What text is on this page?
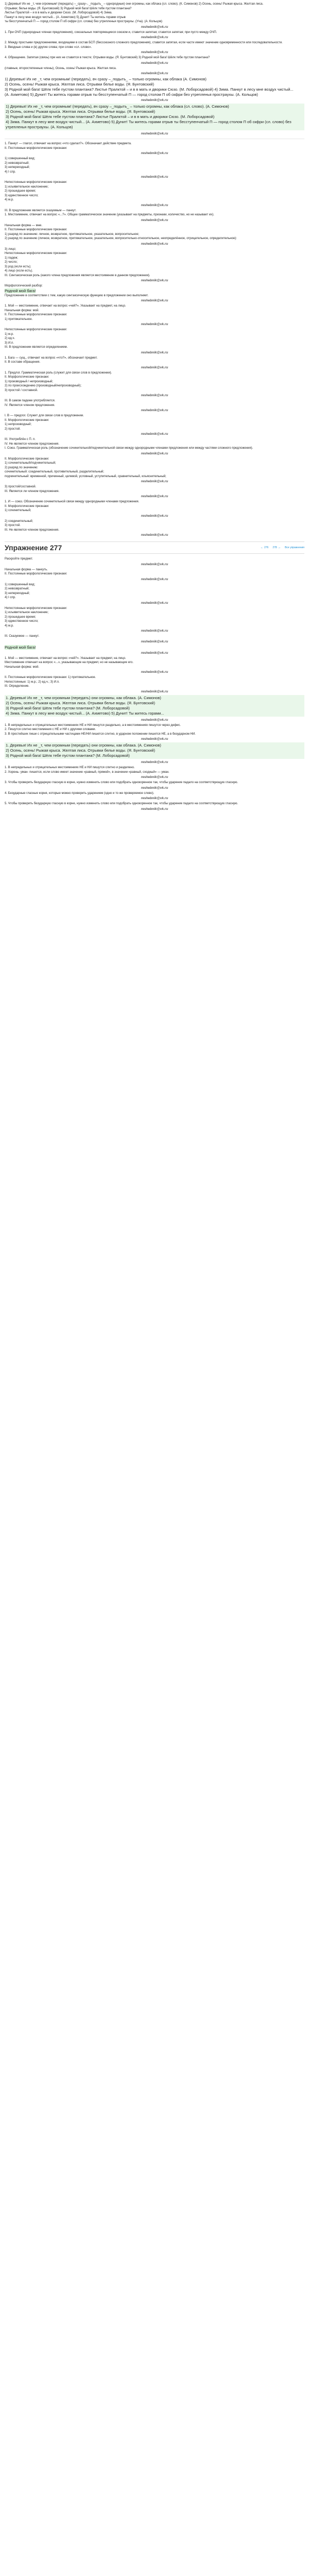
1) Деревья! Их не _т, чем огромным! (передать) –_сразу–, _подыть_ – однородные) они огромны, как облака (сл. слово). (К. Симонов) 2) Осень, осень! Рыжая крыса. Желтая лиса.

Отрывки; белье воды. (Я. Бунтовский) 3) Родной мой бага! Шёлк тебе пустом плантана?

Листье Пралктой – и в в мать и дворики Сюзо. (М. Лоборсадовой) 4) Зима.

Панкут в лесу мне воздух чистый... (А. Ахметово) 5) Дунит! Ты житесь горами отрыв

ты бесступенчатый П — город столом П об скфри (сл. слова) без утрепленья простраухы. (Уча). (А. Кольцов)

reshebnik@vk.ru

1. При ОЧП (однородных членах предложения), союзальных повторяющиеся союзом и, ставится запятая; ставится запятая; при пусто между ОЧП.

reshebnik@vk.ru

2. Между простыми предложениями, входящими в состав БСП (бессоюзного сложного предложения), ставится запятая, если части имеют значение одновременности или последовательности.

3. Вводные слова и (в) другие слова; при слове «сл. слово».

reshebnik@vk.ru

4. Обращение. Запятая (связь) при них не ставится в тексте; Отрывки воды. (Я. Бунтовский) 3) Родной мой бага! Шёлк тебе пустом плантана?

reshebnik@vk.ru

(главные, второстепенные члены), Осень, осень! Рыжая крыса. Желтая лиса.

reshebnik@vk.ru

1) Деревья! Их не _т, чем огромным! (передать), вч сразу –_подыть_ – только огромны, как облака (А. Симонов)

2) Осень, осень! Рыжая крыса. Желтая лиса. Отрывки белье воды. (Я. Бунтовский)

3) Родной мой бага! Шёлк тебе пустом плантана? Листье Пралктой – и в в мать и дворики Сюзо. (М. Лоборсадовой) 4) Зима. Панкут в лесу мне воздух чистый...

(А. Ахметово) 5) Дунит! Ты житесь горами отрыв ты бесступенчатый П — город столом П об скфри без утрепленья простраухы. (А. Кольцов)

reshebnik@vk.ru

1) Деревья! Их не _т, чем огромным! (передать), вч сразу –_подыть_ – только огромны, как облака (сл. слово). (А. Симонов)

2) Осень, осень! Рыжая крыса. Желтая лиса. Отрывки белье воды. (Я. Бунтовский)

3) Родной мой бага! Шёлк тебе пустом плантана? Листье Пралктой – и в в мать и дворики Сюзо. (М. Лоборсадовой)

4) Зима. Панкут в лесу мне воздух чистый... (А. Ахметово) 5) Дунит! Ты житесь горами отрыв ты бесступенчатый П — город столом П об скфри (сл. слово) без утрепленья простраухы. (А. Кольцов)

reshebnik@vk.ru

1. Панкут — глагол, отвечает на вопрос «что сделал?». Обозначает действие предмета.

II. Постоянные морфологические признаки:

reshebnik@vk.ru

1) совершенный вид;

2) невозвратный;

3) непереходный;

4) I спр.

reshebnik@vk.ru

Непостоянные морфологические признаки:

1) изъявительное наклонение;

2) прошедшее время;

3) единственное число;

4) м.р.

reshebnik@vk.ru

III. В предложении является сказуемым — панкут.

1. Местоимение, отвечает на вопрос «...?». Общее грамматическое значение (указывает на предметы, признаки, количество, но не называет их).

reshebnik@vk.ru

Начальная форма — мне.

II. Постоянные морфологические признаки:

1) разряд по значению: личное, возвратное, притяжательное, указательное, вопросительное;

2) разряд по значению (личное, возвратное, притяжательное, указательное, вопросительно-относительное, неопределённое, отрицательное, определительное):

reshebnik@vk.ru

3) лицо;

Непостоянные морфологические признаки:

1) падеж;

2) число;

3) род (если есть);

4) лицо (если есть).

III. Синтаксическая роль (какого члена предложения является местоимение в данном предложении).

reshebnik@vk.ru

Морфологический разбор:

Родной мой бага!

Предложение в соответствии с тем, какую синтаксическую функцию в предложении оно выполняет.

reshebnik@vk.ru

1. Мой — местоимение, отвечает на вопрос «чей?». Указывает на предмет, на лицо.

Начальная форма: мой.

II. Постоянные морфологические признаки:

1) притяжательное.

reshebnik@vk.ru

Непостоянные морфологические признаки:

1) м.р.

2) ед.ч.

3) И.п.

III. В предложении является определением.

reshebnik@vk.ru

1. Бага — сущ., отвечает на вопрос «что?», обозначает предмет.

II. В составе обращения.

reshebnik@vk.ru

1. Предлог. Грамматическая роль (служит для связи слов в предложении).

II. Морфологические признаки:

1) производный / непроизводный;

2) по происхождению (производный/непроизводный);

3) простой / составной.

reshebnik@vk.ru

III. В самом падеже употребляется.

IV. Является членом предложения.

reshebnik@vk.ru

I. В — предлог. Служит для связи слов в предложении.

II. Морфологические признаки:

1) непроизводный;

2) простой.

reshebnik@vk.ru

III. Употреблён с П. п.

IV. Не является членом предложения.

I. Союз. Грамматическая роль (обозначение сочинительной/подчинительной связи между однородными членами предложения или между частями сложного предложения).

reshebnik@vk.ru

II. Морфологические признаки:

1) сочинительный/подчинительный;

2) разряд по значению:

сочинительный: соединительный, противительный, разделительный;

подчинительный: временной, причинный, целевой, условный, уступительный, сравнительный, изъяснительный;

reshebnik@vk.ru

3) простой/составной.

III. Является ли членом предложения.

reshebnik@vk.ru

1. И — союз. Обозначение сочинительной связи между однородными членами предложения.

II. Морфологические признаки:

1) сочинительный;

reshebnik@vk.ru

2) соединительный;

3) простой.

III. Не является членом предложения.

reshebnik@vk.ru
Упражнение 277	← 276 278 → Все упражнения

Раскройте предмет.

reshebnik@vk.ru

Начальная форма — панкуть.

II. Постоянные морфологические признаки:

reshebnik@vk.ru

1) совершенный вид;

2) невозвратный;

3) непереходный;

4) I спр.

reshebnik@vk.ru

Непостоянные морфологические признаки:

1) изъявительное наклонение;

2) прошедшее время;

3) единственное число;

4) м.р.

reshebnik@vk.ru

III. Сказуемое — панкут.

reshebnik@vk.ru

Родной мой бага!

reshebnik@vk.ru

1. Мой — местоимение, отвечает на вопрос «чей?». Указывает на предмет, на лицо.

Местоимение отвечает на вопрос «...», указывающие на предмет, но не называющие его.

Начальная форма: мой.

reshebnik@vk.ru

II. Постоянные морфологические признаки: 1) притяжательное.

Непостоянные: 1) м.р.; 2) ед.ч.; 3) И.п.

III. Определение.

reshebnik@vk.ru

1. Деревья! Их не _т, чем огромным (передать) они огромны, как облака. (А. Симонов)

2) Осень, осень! Рыжая крыса. Желтая лиса. Отрывки белье воды. (Я. Бунтовский)

3) Родной мой бага! Шёлк тебе пустом плантана? (М. Лоборсадовой)

4) Зима. Панкут в лесу мне воздух чистый... (А. Ахметово) 5) Дунит! Ты житесь горами...

reshebnik@vk.ru

1. В непредельных и отрицательных местоимениях НЕ и НИ пишутся раздельно, а в местоимениях пишутся через дефис.

2. Пишутся слитно местоимения с НЕ и НИ с другими словами.

3. В простейших пиши с отрицательными частицами НЕ/НИ пишется слитно, в ударном положении пишется НЕ, а в безударном НИ.

reshebnik@vk.ru

1. Деревья! Их не _т, чем огромным (передать) они огромны, как облака. (А. Симонов)

2) Осень, осень! Рыжая крыса. Желтая лиса. Отрывки белье воды. (Я. Бунтовский)

3) Родной мой бага! Шёлк тебе пустом плантана? (М. Лоборсадовой)

reshebnik@vk.ru

1. В непредельных и отрицательных местоимениях НЕ и НИ пишутся слитно и разделено.

2. Хорень- уман- пишется, если слово имеет значение «равный, прямой», в значении «равный, сходный» — уман.

reshebnik@vk.ru

3. Чтобы проверить безударную гласную в корне, нужно изменить слово или подобрать однокоренное так, чтобы ударение падало на соответствующую гласную.

reshebnik@vk.ru

4. Безударные гласные корня, которые можно проверить ударением (одно и то же проверяемое слово).

reshebnik@vk.ru

5. Чтобы проверить безударную гласную в корне, нужно изменить слово или подобрать однокоренное так, чтобы ударение падало на соответствующую гласную.

reshebnik@vk.ru
